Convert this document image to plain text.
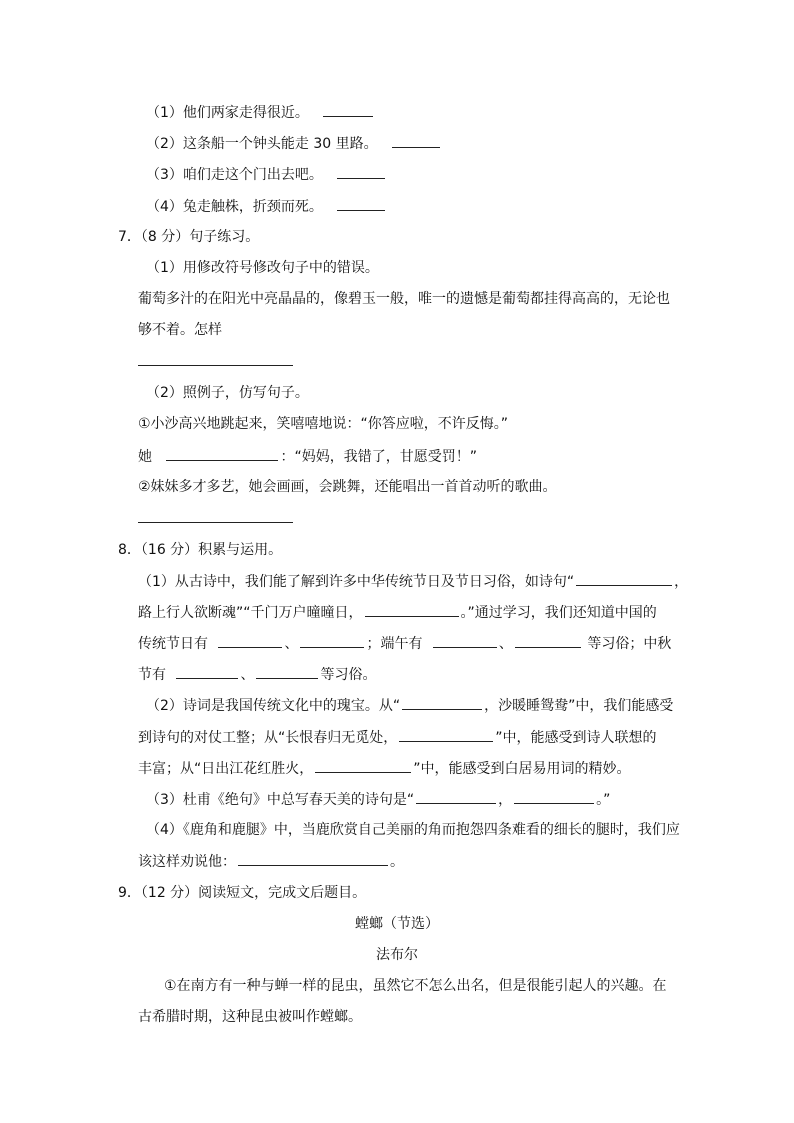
（1）他们两家走得很近。
（2）这条船一个钟头能走 30 里路。
（3）咱们走这个门出去吧。
（4）兔走触株，折颈而死。
7．（8 分）句子练习。
（1）用修改符号修改句子中的错误。
葡萄多汁的在阳光中亮晶晶的，像碧玉一般，唯一的遗憾是葡萄都挂得高高的，无论也
够不着。怎样
（2）照例子，仿写句子。
①小沙高兴地跳起来，笑嘻嘻地说：“你答应啦，不许反悔。”
她	：“妈妈，我错了，甘愿受罚！”
②妹妹多才多艺，她会画画，会跳舞，还能唱出一首首动听的歌曲。
8．（16 分）积累与运用。
（1）从古诗中，我们能了解到许多中华传统节日及节日习俗，如诗句“	，
路上行人欲断魂”“千门万户曈曈日，	。”通过学习，我们还知道中国的
传统节日有	、	；端午有	、	等习俗；中秋
节有	、	等习俗。
（2）诗词是我国传统文化中的瑰宝。从“	，沙暖睡鸳鸯”中，我们能感受
到诗句的对仗工整；从“长恨春归无觅处，	”中，能感受到诗人联想的
丰富；从“日出江花红胜火，	”中，能感受到白居易用词的精妙。
（3）杜甫《绝句》中总写春天美的诗句是“	，	。”
（4）《鹿角和鹿腿》中，当鹿欣赏自己美丽的角而抱怨四条难看的细长的腿时，我们应
该这样劝说他：	。
9．（12 分）阅读短文，完成文后题目。
螳螂（节选）
法布尔
①在南方有一种与蝉一样的昆虫，虽然它不怎么出名，但是很能引起人的兴趣。在
古希腊时期，这种昆虫被叫作螳螂。
